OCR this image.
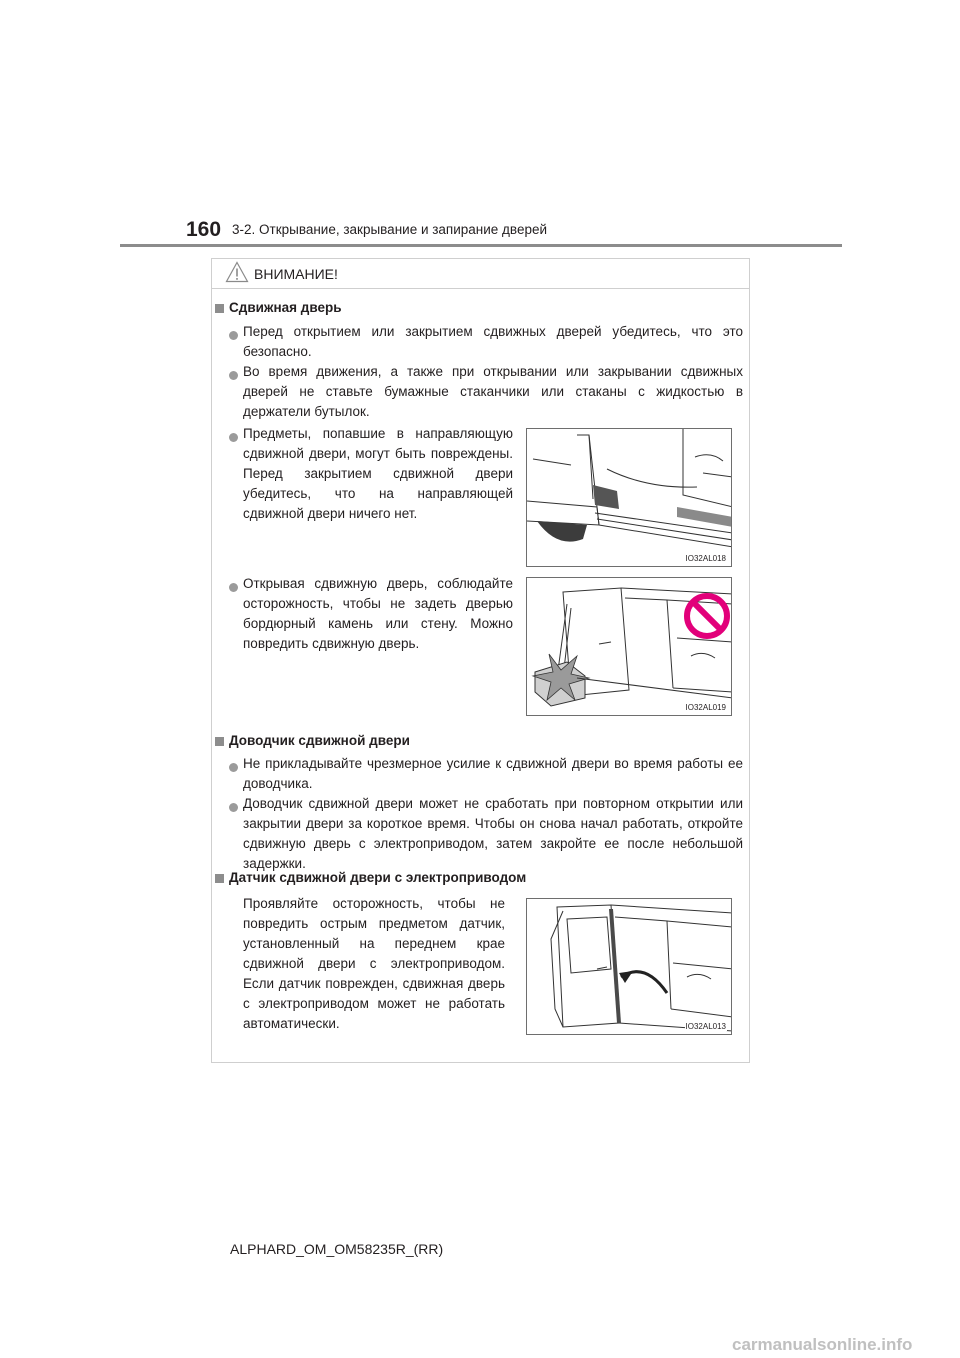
160 3-2. Открывание, закрывание и запирание дверей
ВНИМАНИЕ!
Сдвижная дверь
Перед открытием или закрытием сдвижных дверей убедитесь, что это безопасно.
Во время движения, а также при открывании или закрывании сдвижных дверей не ставьте бумажные стаканчики или стаканы с жидкостью в держатели бутылок.
Предметы, попавшие в направляющую сдвижной двери, могут быть повреждены. Перед закрытием сдвижной двери убедитесь, что на направляющей сдвижной двери ничего нет.
Открывая сдвижную дверь, соблюдайте осторожность, чтобы не задеть дверью бордюрный камень или стену. Можно повредить сдвижную дверь.
IO32AL018
IO32AL019
Доводчик сдвижной двери
Не прикладывайте чрезмерное усилие к сдвижной двери во время работы ее доводчика.
Доводчик сдвижной двери может не сработать при повторном открытии или закрытии двери за короткое время. Чтобы он снова начал работать, откройте сдвижную дверь с электроприводом, затем закройте ее после небольшой задержки.
Датчик сдвижной двери с электроприводом
Проявляйте осторожность, чтобы не повредить острым предметом датчик, установленный на переднем крае сдвижной двери с электроприводом. Если датчик поврежден, сдвижная дверь с электроприводом может не работать автоматически.	IO32AL013
ALPHARD_OM_OM58235R_(RR)
carmanualsonline.info
